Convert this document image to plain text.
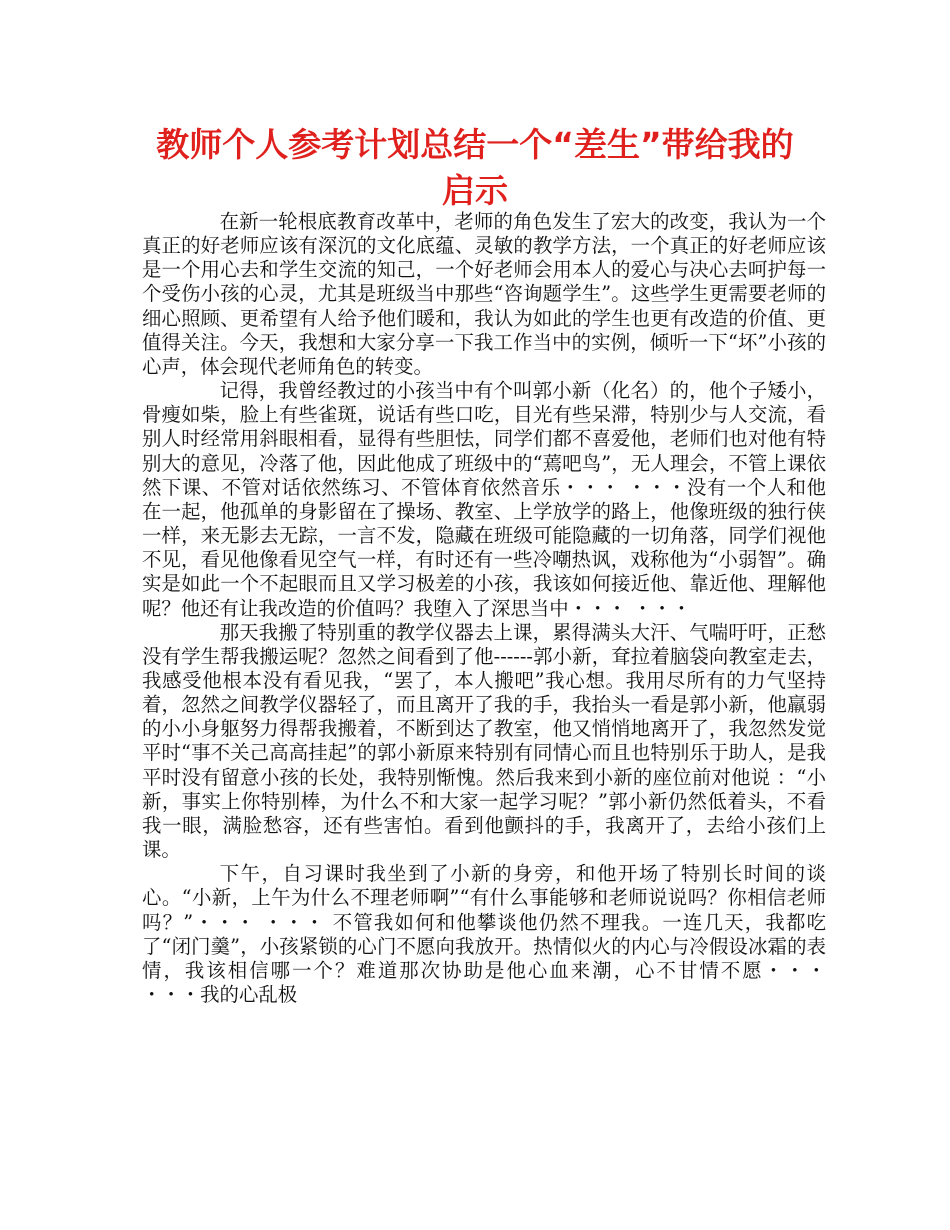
教师个人参考计划总结一个“差生”带给我的启示

在新一轮根底教育改革中，老师的角色发生了宏大的改变，我认为一个真正的好老师应该有深沉的文化底蕴、灵敏的教学方法，一个真正的好老师应该是一个用心去和学生交流的知己，一个好老师会用本人的爱心与决心去呵护每一个受伤小孩的心灵，尤其是班级当中那些“咨询题学生”。这些学生更需要老师的细心照顾、更希望有人给予他们暖和，我认为如此的学生也更有改造的价值、更值得关注。今天，我想和大家分享一下我工作当中的实例，倾听一下“坏”小孩的心声，体会现代老师角色的转变。

记得，我曾经教过的小孩当中有个叫郭小新（化名）的，他个子矮小，骨瘦如柴，脸上有些雀斑，说话有些口吃，目光有些呆滞，特别少与人交流，看别人时经常用斜眼相看，显得有些胆怯，同学们都不喜爱他，老师们也对他有特别大的意见，冷落了他，因此他成了班级中的“蔫吧鸟”，无人理会，不管上课依然下课、不管对话依然练习、不管体育依然音乐・・・ ・・・没有一个人和他在一起，他孤单的身影留在了操场、教室、上学放学的路上，他像班级的独行侠一样，来无影去无踪，一言不发，隐藏在班级可能隐藏的一切角落，同学们视他不见，看见他像看见空气一样，有时还有一些冷嘲热讽，戏称他为“小弱智”。确实是如此一个不起眼而且又学习极差的小孩，我该如何接近他、靠近他、理解他呢？他还有让我改造的价值吗？我堕入了深思当中・・・ ・・・

那天我搬了特别重的教学仪器去上课，累得满头大汗、气喘吁吁，正愁没有学生帮我搬运呢？忽然之间看到了他------郭小新，耷拉着脑袋向教室走去，我感受他根本没有看见我，“罢了，本人搬吧”我心想。我用尽所有的力气坚持着，忽然之间教学仪器轻了，而且离开了我的手，我抬头一看是郭小新，他羸弱的小小身躯努力得帮我搬着，不断到达了教室，他又悄悄地离开了，我忽然发觉平时“事不关己高高挂起”的郭小新原来特别有同情心而且也特别乐于助人，是我平时没有留意小孩的长处，我特别惭愧。然后我来到小新的座位前对他说 ：“小新，事实上你特别棒，为什么不和大家一起学习呢？”郭小新仍然低着头，不看我一眼，满脸愁容，还有些害怕。看到他颤抖的手，我离开了，去给小孩们上课。

下午，自习课时我坐到了小新的身旁，和他开场了特别长时间的谈心。“小新，上午为什么不理老师啊”“有什么事能够和老师说说吗？你相信老师吗？”・・・ ・・・ 不管我如何和他攀谈他仍然不理我。一连几天，我都吃了“闭门羹”，小孩紧锁的心门不愿向我放开。热情似火的内心与冷假设冰霜的表情，我该相信哪一个？难道那次协助是他心血来潮，心不甘情不愿・・・ ・・・我的心乱极
